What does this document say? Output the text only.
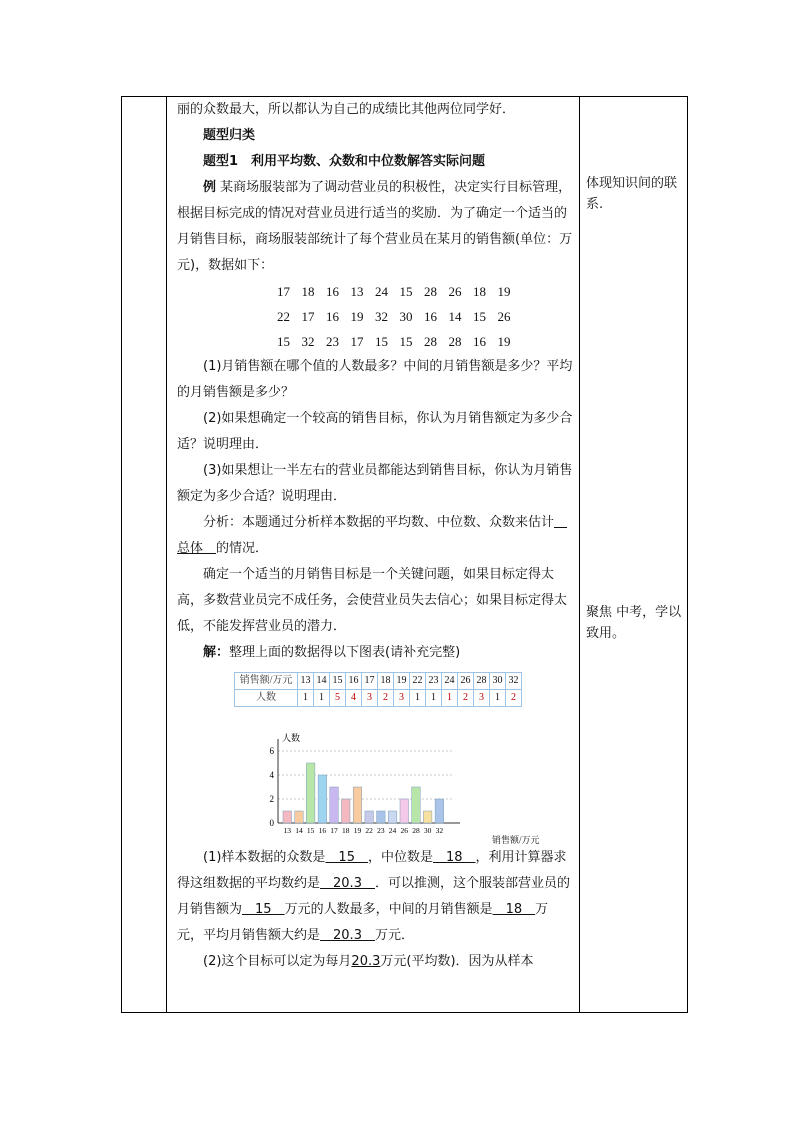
丽的众数最大，所以都认为自己的成绩比其他两位同学好．

题型归类

题型1　利用平均数、众数和中位数解答实际问题

例 某商场服装部为了调动营业员的积极性，决定实行目标管理，根据目标完成的情况对营业员进行适当的奖励．为了确定一个适当的月销售目标，商场服装部统计了每个营业员在某月的销售额(单位：万元)，数据如下：

17 18 16 13 24 15 28 26 18 19
22 17 16 19 32 30 16 14 15 26
15 32 23 17 15 15 28 28 16 19

(1)月销售额在哪个值的人数最多？中间的月销售额是多少？平均的月销售额是多少？

(2)如果想确定一个较高的销售目标，你认为月销售额定为多少合适？说明理由．

(3)如果想让一半左右的营业员都能达到销售目标，你认为月销售额定为多少合适？说明理由．

分析：本题通过分析样本数据的平均数、中位数、众数来估计　总体　的情况．

确定一个适当的月销售目标是一个关键问题，如果目标定得太高，多数营业员完不成任务，会使营业员失去信心；如果目标定得太低，不能发挥营业员的潜力．

解：整理上面的数据得以下图表(请补充完整)

销售额/万元	13	14	15	16	17	18	19	22	23	24	26	28	30	32
人数	1	1	5	4	3	2	3	1	1	1	2	3	1	2
0
2
4
6
人数
13 14 15 16 17 18 19 22 23 24 26 28 30 32
销售额/万元

(1)样本数据的众数是　15　，中位数是　18　，利用计算器求得这组数据的平均数约是　20.3　．可以推测，这个服装部营业员的月销售额为　15　万元的人数最多，中间的月销售额是　18　万元，平均月销售额大约是　20.3　万元．

(2)这个目标可以定为每月20.3万元(平均数)．因为从样本

体现知识间的联系.
聚焦 中考，学以致用。
